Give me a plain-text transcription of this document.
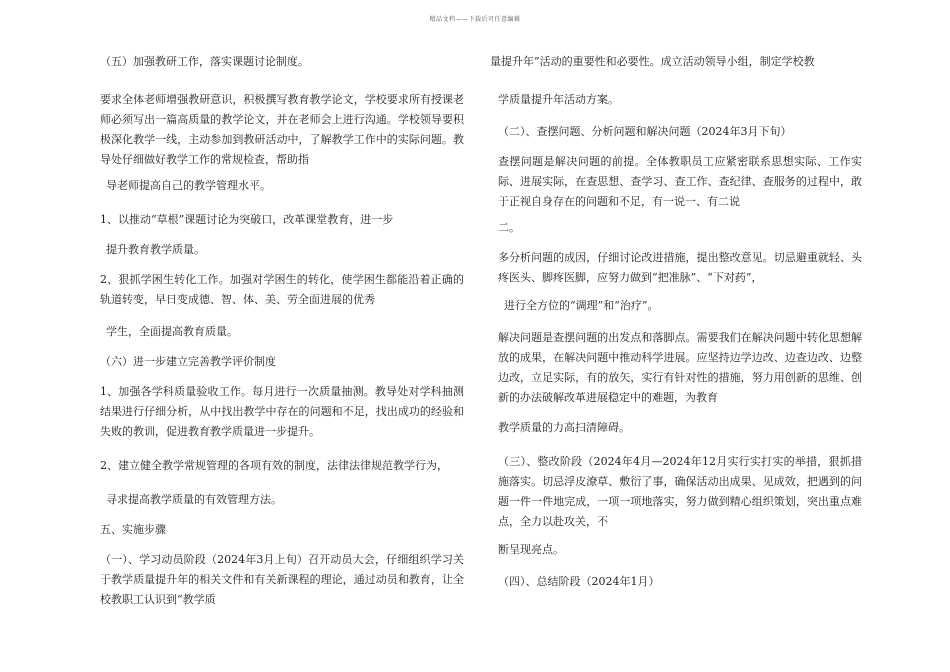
精品文档——下载后可任意编辑

（五）加强教研工作，落实课题讨论制度。

要求全体老师增强教研意识，积极撰写教育教学论文，学校要求所有授课老师必须写出一篇高质量的教学论文，并在老师会上进行沟通。学校领导要积极深化教学一线，主动参加到教研活动中，了解教学工作中的实际问题。教导处仔细做好教学工作的常规检查，帮助指

导老师提高自己的教学管理水平。

1、以推动“草根”课题讨论为突破口，改革课堂教育，进一步

提升教育教学质量。

2、狠抓学困生转化工作。加强对学困生的转化，使学困生都能沿着正确的轨道转变，早日变成德、智、体、美、劳全面进展的优秀

学生，全面提高教育质量。

（六）进一步建立完善教学评价制度

1、加强各学科质量验收工作。每月进行一次质量抽测。教导处对学科抽测结果进行仔细分析，从中找出教学中存在的问题和不足，找出成功的经验和失败的教训，促进教育教学质量进一步提升。

2、建立健全教学常规管理的各项有效的制度，法律法律规范教学行为，

寻求提高教学质量的有效管理方法。

五、实施步骤

（一）、学习动员阶段（2024年3月上旬）召开动员大会，仔细组织学习关于教学质量提升年的相关文件和有关新课程的理论，通过动员和教育，让全校教职工认识到“教学质

量提升年”活动的重要性和必要性。成立活动领导小组，制定学校教

学质量提升年活动方案。

（二）、查摆问题、分析问题和解决问题（2024年3月下旬）

查摆问题是解决问题的前提。全体教职员工应紧密联系思想实际、工作实际、进展实际，在查思想、查学习、查工作、查纪律、查服务的过程中，敢于正视自身存在的问题和不足，有一说一、有二说

二。

多分析问题的成因，仔细讨论改进措施，提出整改意见。切忌避重就轻、头疼医头、脚疼医脚，应努力做到“把准脉”、“下对药”，

进行全方位的“调理”和“治疗”。

解决问题是查摆问题的出发点和落脚点。需要我们在解决问题中转化思想解放的成果，在解决问题中推动科学进展。应坚持边学边改、边查边改、边整边改，立足实际，有的放矢，实行有针对性的措施，努力用创新的思维、创新的办法破解改革进展稳定中的难题，为教育

教学质量的力高扫清障碍。

（三）、整改阶段（2024年4月—2024年12月实行实打实的举措，狠抓措施落实。切忌浮皮潦草、敷衍了事，确保活动出成果、见成效，把遇到的问题一件一件地完成，一项一项地落实，努力做到精心组织策划，突出重点难点，全力以赴攻关，不

断呈现亮点。

（四）、总结阶段（2024年1月）
